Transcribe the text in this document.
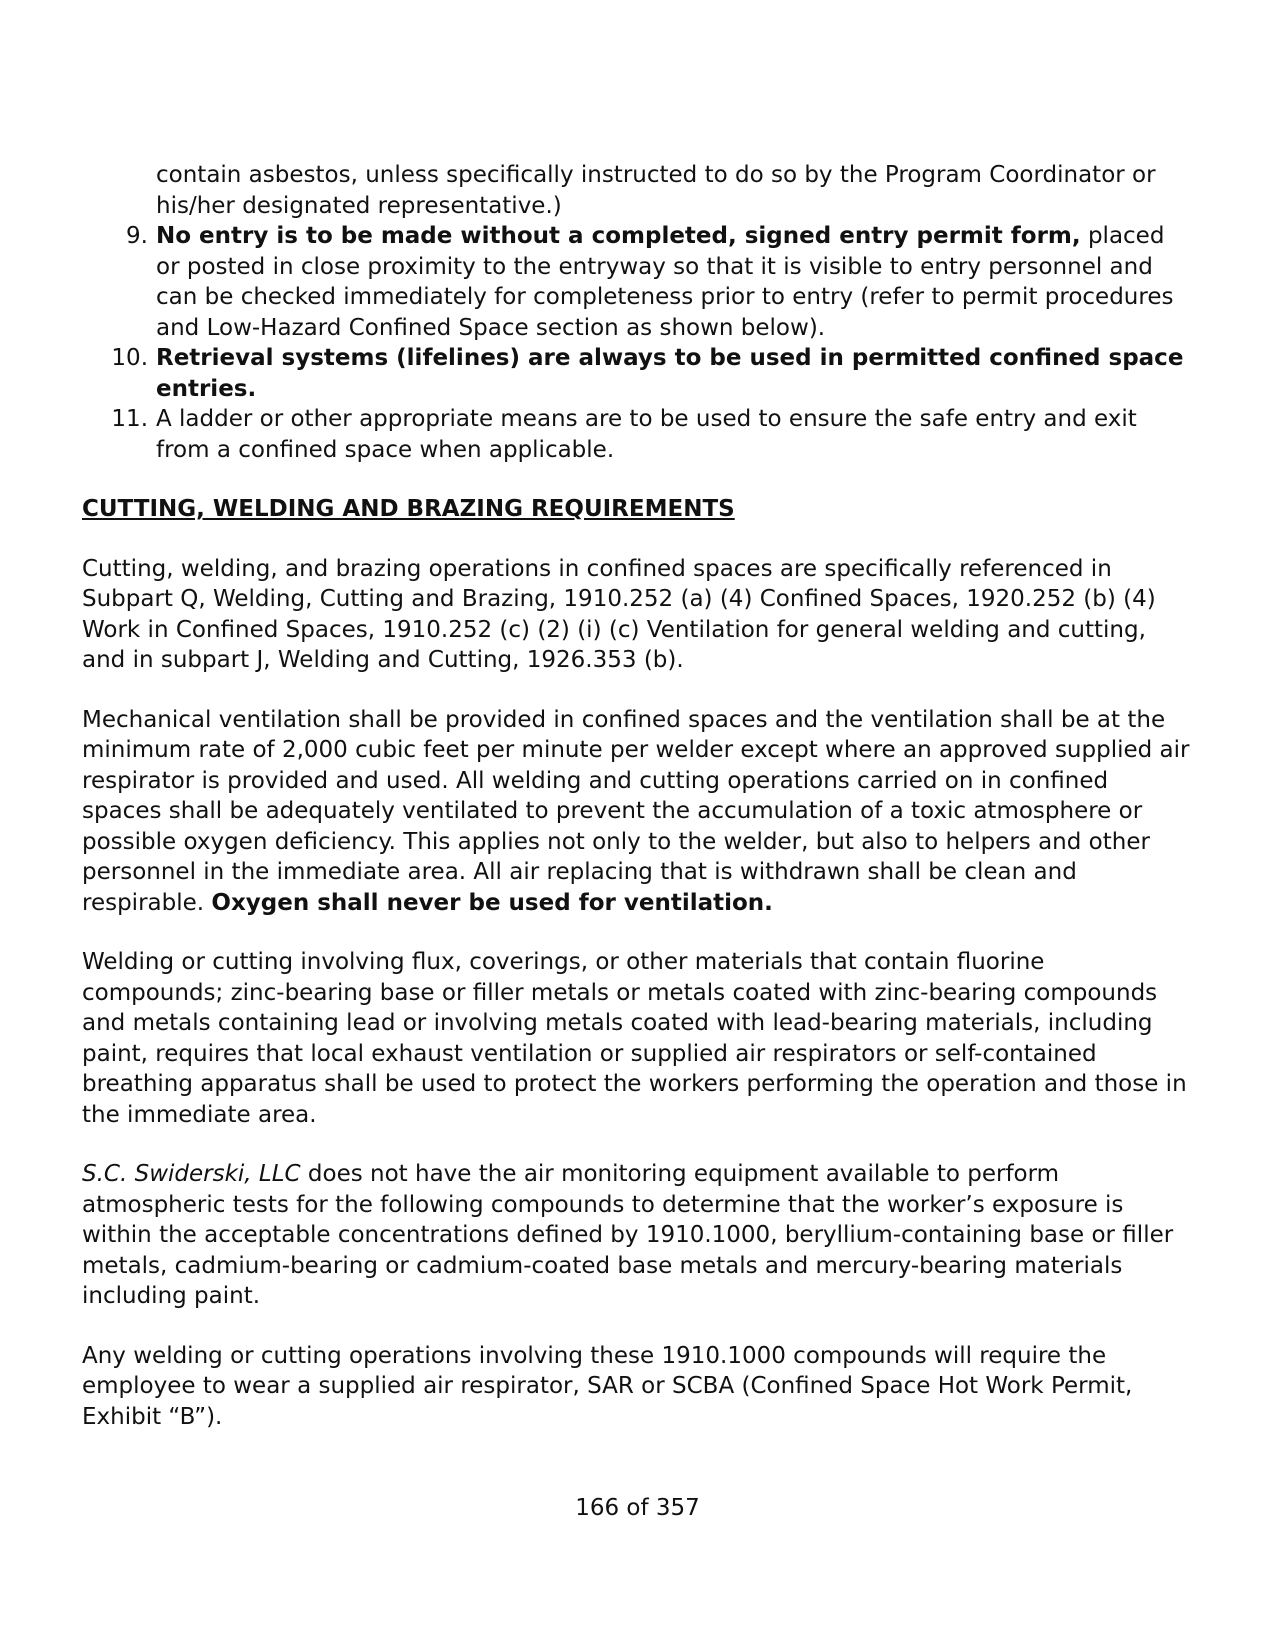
contain asbestos, unless specifically instructed to do so by the Program Coordinator or his/her designated representative.)
9. No entry is to be made without a completed, signed entry permit form, placed or posted in close proximity to the entryway so that it is visible to entry personnel and can be checked immediately for completeness prior to entry (refer to permit procedures and Low-Hazard Confined Space section as shown below).
10. Retrieval systems (lifelines) are always to be used in permitted confined space entries.
11. A ladder or other appropriate means are to be used to ensure the safe entry and exit from a confined space when applicable.
CUTTING, WELDING AND BRAZING REQUIREMENTS

Cutting, welding, and brazing operations in confined spaces are specifically referenced in Subpart Q, Welding, Cutting and Brazing, 1910.252 (a) (4) Confined Spaces, 1920.252 (b) (4) Work in Confined Spaces, 1910.252 (c) (2) (i) (c) Ventilation for general welding and cutting, and in subpart J, Welding and Cutting, 1926.353 (b).

Mechanical ventilation shall be provided in confined spaces and the ventilation shall be at the minimum rate of 2,000 cubic feet per minute per welder except where an approved supplied air respirator is provided and used. All welding and cutting operations carried on in confined spaces shall be adequately ventilated to prevent the accumulation of a toxic atmosphere or possible oxygen deficiency. This applies not only to the welder, but also to helpers and other personnel in the immediate area. All air replacing that is withdrawn shall be clean and respirable. Oxygen shall never be used for ventilation.

Welding or cutting involving flux, coverings, or other materials that contain fluorine compounds; zinc-bearing base or filler metals or metals coated with zinc-bearing compounds and metals containing lead or involving metals coated with lead-bearing materials, including paint, requires that local exhaust ventilation or supplied air respirators or self-contained breathing apparatus shall be used to protect the workers performing the operation and those in the immediate area.

S.C. Swiderski, LLC does not have the air monitoring equipment available to perform atmospheric tests for the following compounds to determine that the worker’s exposure is within the acceptable concentrations defined by 1910.1000, beryllium-containing base or filler metals, cadmium-bearing or cadmium-coated base metals and mercury-bearing materials including paint.

Any welding or cutting operations involving these 1910.1000 compounds will require the employee to wear a supplied air respirator, SAR or SCBA (Confined Space Hot Work Permit, Exhibit “B”).

166 of 357
